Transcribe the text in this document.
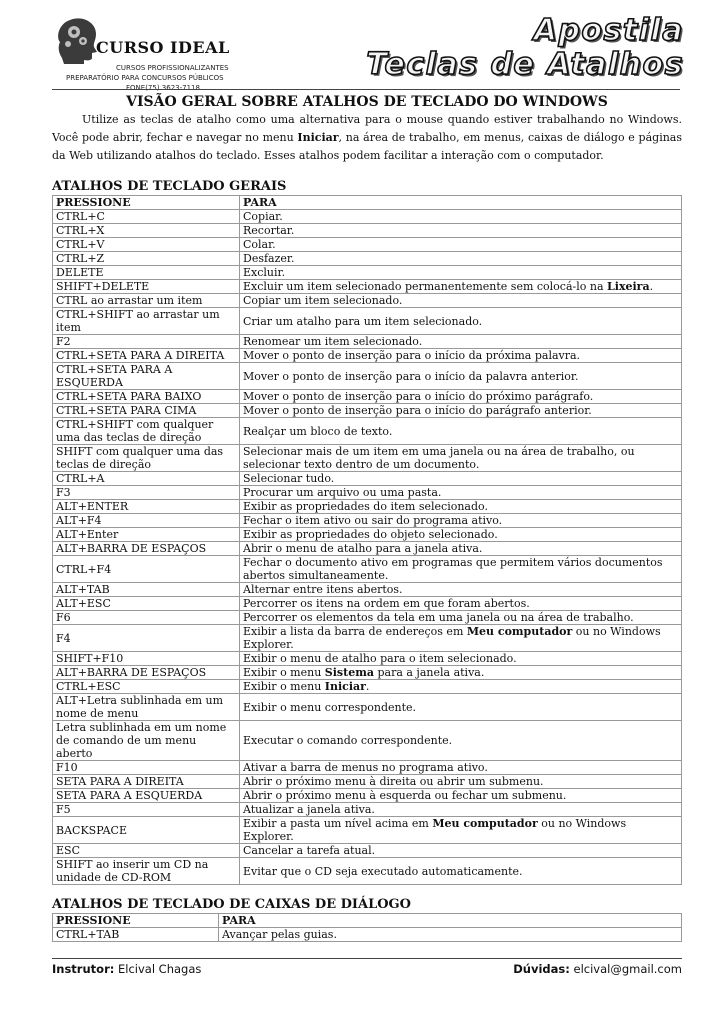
CURSO IDEAL
CURSOS PROFISSIONALIZANTES
PREPARATÓRIO PARA CONCURSOS PÚBLICOS
FONE(75) 3623-7118
Apostila
Teclas de Atalhos
VISÃO GERAL SOBRE ATALHOS DE TECLADO DO WINDOWS

Utilize as teclas de atalho como uma alternativa para o mouse quando estiver trabalhando no Windows. Você pode abrir, fechar e navegar no menu Iniciar, na área de trabalho, em menus, caixas de diálogo e páginas da Web utilizando atalhos do teclado. Esses atalhos podem facilitar a interação com o computador.

ATALHOS DE TECLADO GERAIS
PRESSIONE	PARA
CTRL+C	Copiar.
CTRL+X	Recortar.
CTRL+V	Colar.
CTRL+Z	Desfazer.
DELETE	Excluir.
SHIFT+DELETE	Excluir um item selecionado permanentemente sem colocá-lo na Lixeira.
CTRL ao arrastar um item	Copiar um item selecionado.
CTRL+SHIFT ao arrastar um item	Criar um atalho para um item selecionado.
F2	Renomear um item selecionado.
CTRL+SETA PARA A DIREITA	Mover o ponto de inserção para o início da próxima palavra.
CTRL+SETA PARA A ESQUERDA	Mover o ponto de inserção para o início da palavra anterior.
CTRL+SETA PARA BAIXO	Mover o ponto de inserção para o início do próximo parágrafo.
CTRL+SETA PARA CIMA	Mover o ponto de inserção para o início do parágrafo anterior.
CTRL+SHIFT com qualquer uma das teclas de direção	Realçar um bloco de texto.
SHIFT com qualquer uma das teclas de direção	Selecionar mais de um item em uma janela ou na área de trabalho, ou selecionar texto dentro de um documento.
CTRL+A	Selecionar tudo.
F3	Procurar um arquivo ou uma pasta.
ALT+ENTER	Exibir as propriedades do item selecionado.
ALT+F4	Fechar o item ativo ou sair do programa ativo.
ALT+Enter	Exibir as propriedades do objeto selecionado.
ALT+BARRA DE ESPAÇOS	Abrir o menu de atalho para a janela ativa.
CTRL+F4	Fechar o documento ativo em programas que permitem vários documentos abertos simultaneamente.
ALT+TAB	Alternar entre itens abertos.
ALT+ESC	Percorrer os itens na ordem em que foram abertos.
F6	Percorrer os elementos da tela em uma janela ou na área de trabalho.
F4	Exibir a lista da barra de endereços em Meu computador ou no Windows Explorer.
SHIFT+F10	Exibir o menu de atalho para o item selecionado.
ALT+BARRA DE ESPAÇOS	Exibir o menu Sistema para a janela ativa.
CTRL+ESC	Exibir o menu Iniciar.
ALT+Letra sublinhada em um nome de menu	Exibir o menu correspondente.
Letra sublinhada em um nome de comando de um menu aberto	Executar o comando correspondente.
F10	Ativar a barra de menus no programa ativo.
SETA PARA A DIREITA	Abrir o próximo menu à direita ou abrir um submenu.
SETA PARA A ESQUERDA	Abrir o próximo menu à esquerda ou fechar um submenu.
F5	Atualizar a janela ativa.
BACKSPACE	Exibir a pasta um nível acima em Meu computador ou no Windows Explorer.
ESC	Cancelar a tarefa atual.
SHIFT ao inserir um CD na unidade de CD-ROM	Evitar que o CD seja executado automaticamente.
ATALHOS DE TECLADO DE CAIXAS DE DIÁLOGO
PRESSIONE	PARA
CTRL+TAB	Avançar pelas guias.
Instrutor: Elcival Chagas	Dúvidas: elcival@gmail.com
